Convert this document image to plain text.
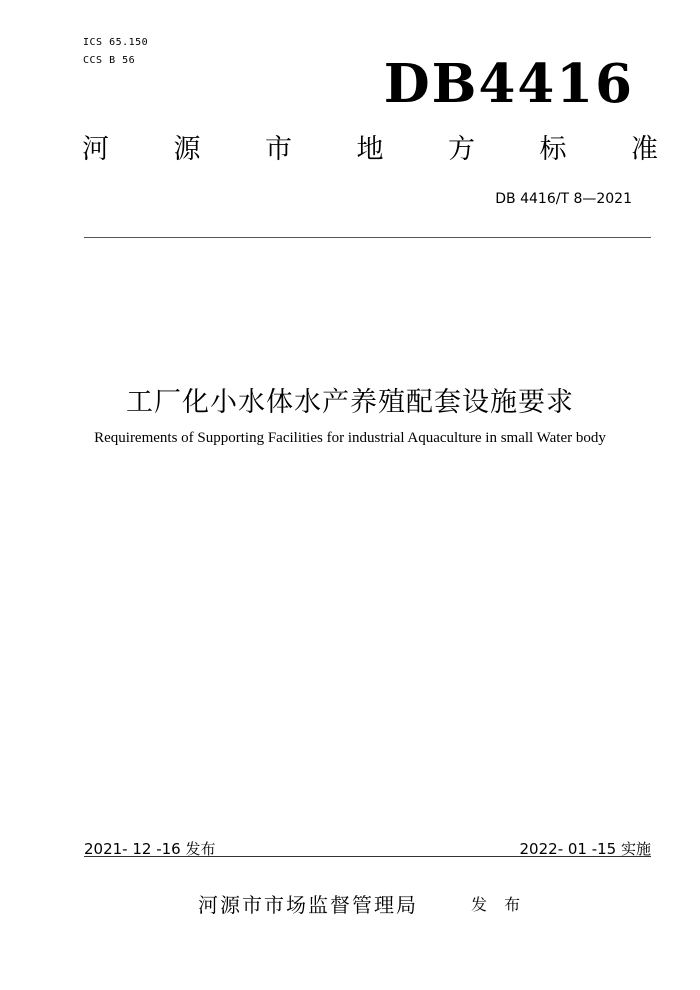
ICS 65.150
CCS B 56	DB4416
河 源 市 地 方 标 准
DB 4416/T 8—2021
工厂化小水体水产养殖配套设施要求
Requirements of Supporting Facilities for industrial Aquaculture in small Water body
2021- 12 -16 发布	2022- 01 -15 实施
河源市市场监督管理局	发 布
